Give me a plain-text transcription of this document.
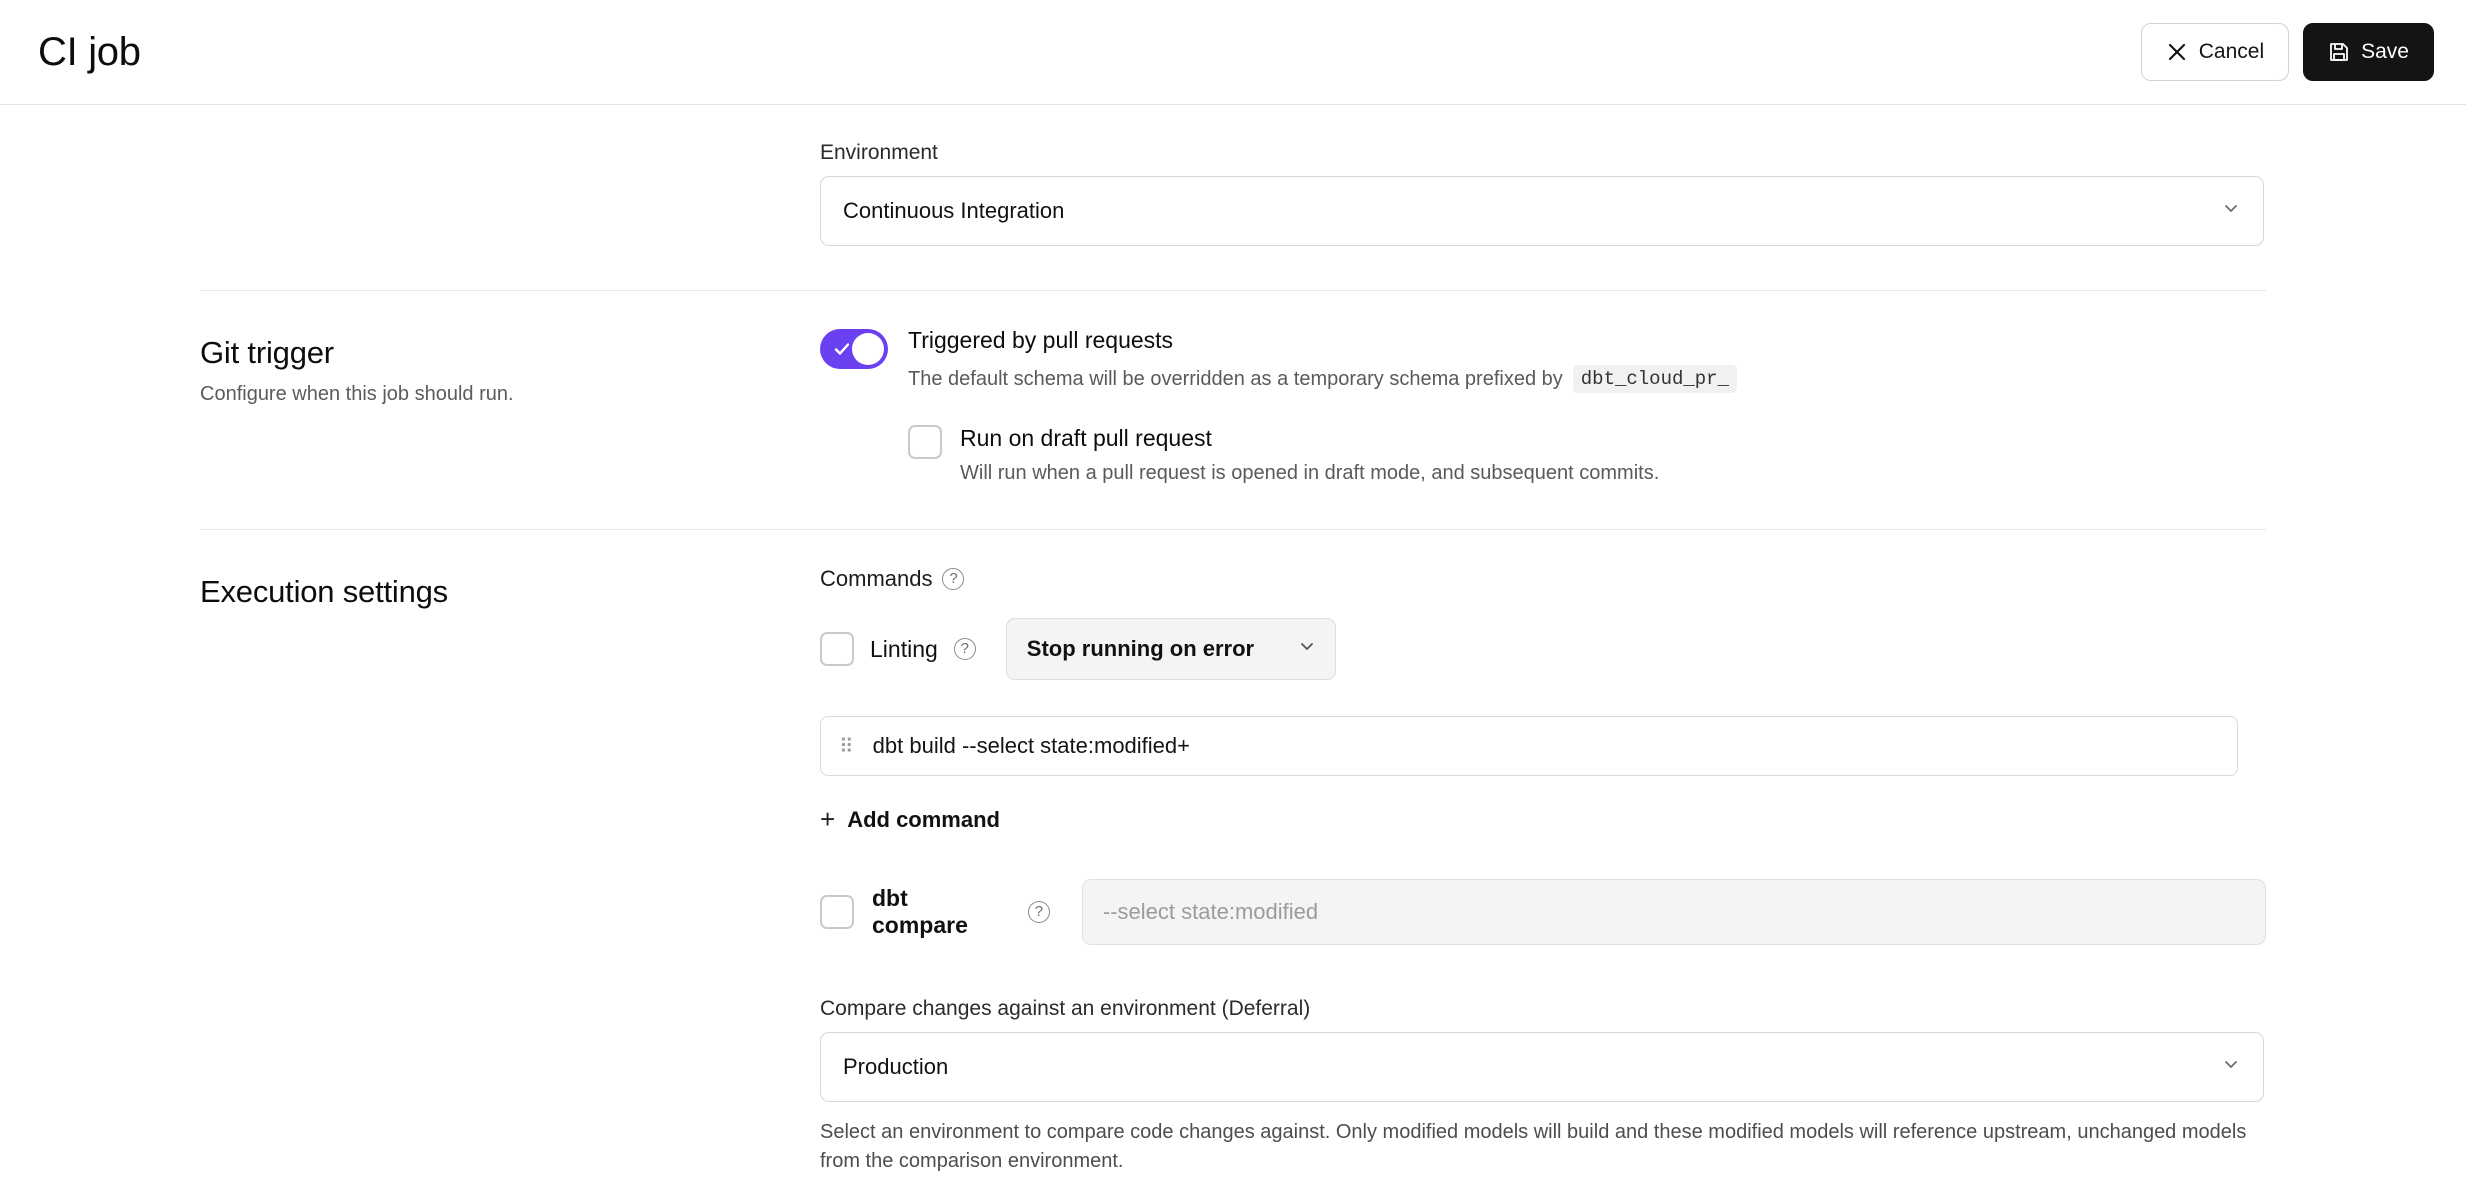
CI job	Cancel	Save
Environment
Continuous Integration
Git trigger
Configure when this job should run.
Triggered by pull requests
The default schema will be overridden as a temporary schema prefixed by dbt_cloud_pr_
Run on draft pull request
Will run when a pull request is opened in draft mode, and subsequent commits.
Execution settings	Commands	?
Linting	?	Stop running on error
⠿ dbt build --select state:modified+
+ Add command
dbt compare
?	--select state:modified
Compare changes against an environment (Deferral)
Production
Select an environment to compare code changes against. Only modified models will build and these modified models will reference upstream, unchanged models from the comparison environment.
